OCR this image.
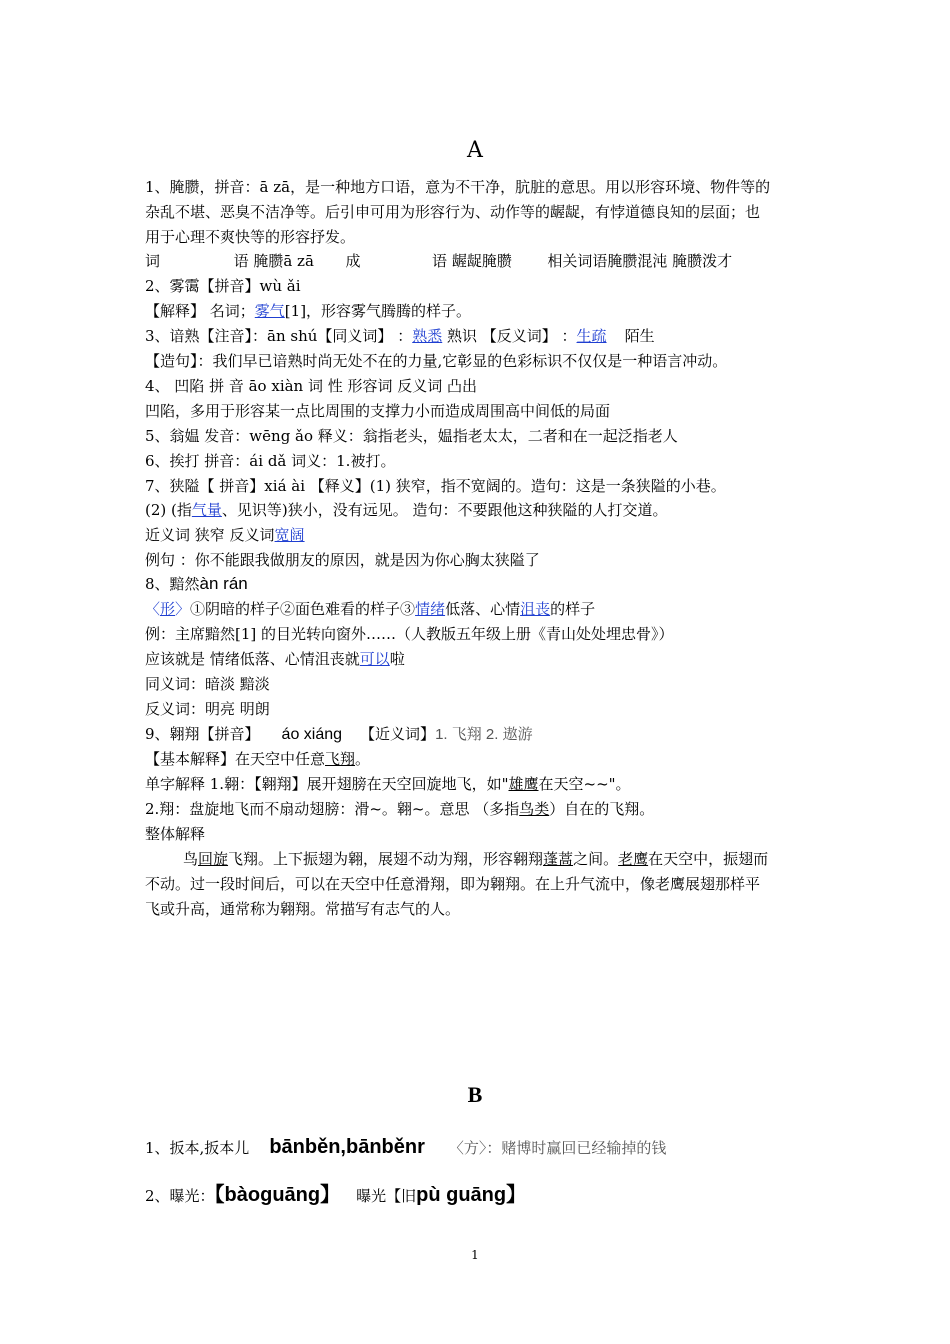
A
1、腌臜，拼音：ā zā，是一种地方口语，意为不干净，肮脏的意思。用以形容环境、物件等的
杂乱不堪、恶臭不洁净等。后引申可用为形容行为、动作等的龌龊，有悖道德良知的层面；也
用于心理不爽快等的形容抒发。
词	语 腌臜ā zā 成	语 龌龊腌臜 相关词语腌臜混沌 腌臜泼才
2、雾霭【拼音】wù ǎi
【解释】 名词；雾气[1]，形容雾气腾腾的样子。
3、谙熟【注音】：ān shú【同义词】 ：熟悉 熟识 【反义词】 ：生疏 陌生
【造句】：我们早已谙熟时尚无处不在的力量,它彰显的色彩标识不仅仅是一种语言冲动。
4、 凹陷 拼 音 āo xiàn 词 性 形容词 反义词 凸出
凹陷，多用于形容某一点比周围的支撑力小而造成周围高中间低的局面
5、翁媪 发音：wēng ǎo 释义：翁指老头，媪指老太太，二者和在一起泛指老人
6、挨打 拼音：ái dǎ 词义：1.被打。
7、狭隘【 拼音】xiá ài 【释义】(1) 狭窄，指不宽阔的。造句：这是一条狭隘的小巷。
(2) (指气量、见识等)狭小，没有远见。 造句：不要跟他这种狭隘的人打交道。
近义词 狭窄 反义词宽阔
例句 ：你不能跟我做朋友的原因，就是因为你心胸太狭隘了
8、黯然àn rán
〈形〉①阴暗的样子②面色难看的样子③情绪低落、心情沮丧的样子
例：主席黯然[1] 的目光转向窗外……（人教版五年级上册《青山处处埋忠骨》）
应该就是 情绪低落、心情沮丧就可以啦
同义词：暗淡 黯淡
反义词：明亮 明朗
9、翱翔【拼音】 áo xiáng 【近义词】1. 飞翔 2. 遨游
【基本解释】在天空中任意飞翔。
单字解释 1.翱：【翱翔】展开翅膀在天空回旋地飞，如"雄鹰在天空~~"。
2.翔：盘旋地飞而不扇动翅膀：滑~。翱~。意思 （多指鸟类）自在的飞翔。
整体解释
鸟回旋飞翔。上下振翅为翱，展翅不动为翔，形容翱翔蓬蒿之间。老鹰在天空中，振翅而
不动。过一段时间后，可以在天空中任意滑翔，即为翱翔。在上升气流中，像老鹰展翅那样平
飞或升高，通常称为翱翔。常描写有志气的人。
B
1、扳本,扳本儿 bānběn,bānběnr 〈方〉：赌博时赢回已经输掉的钱
2、曝光：【bàoguāng】 曝光【旧pù guāng】
1
